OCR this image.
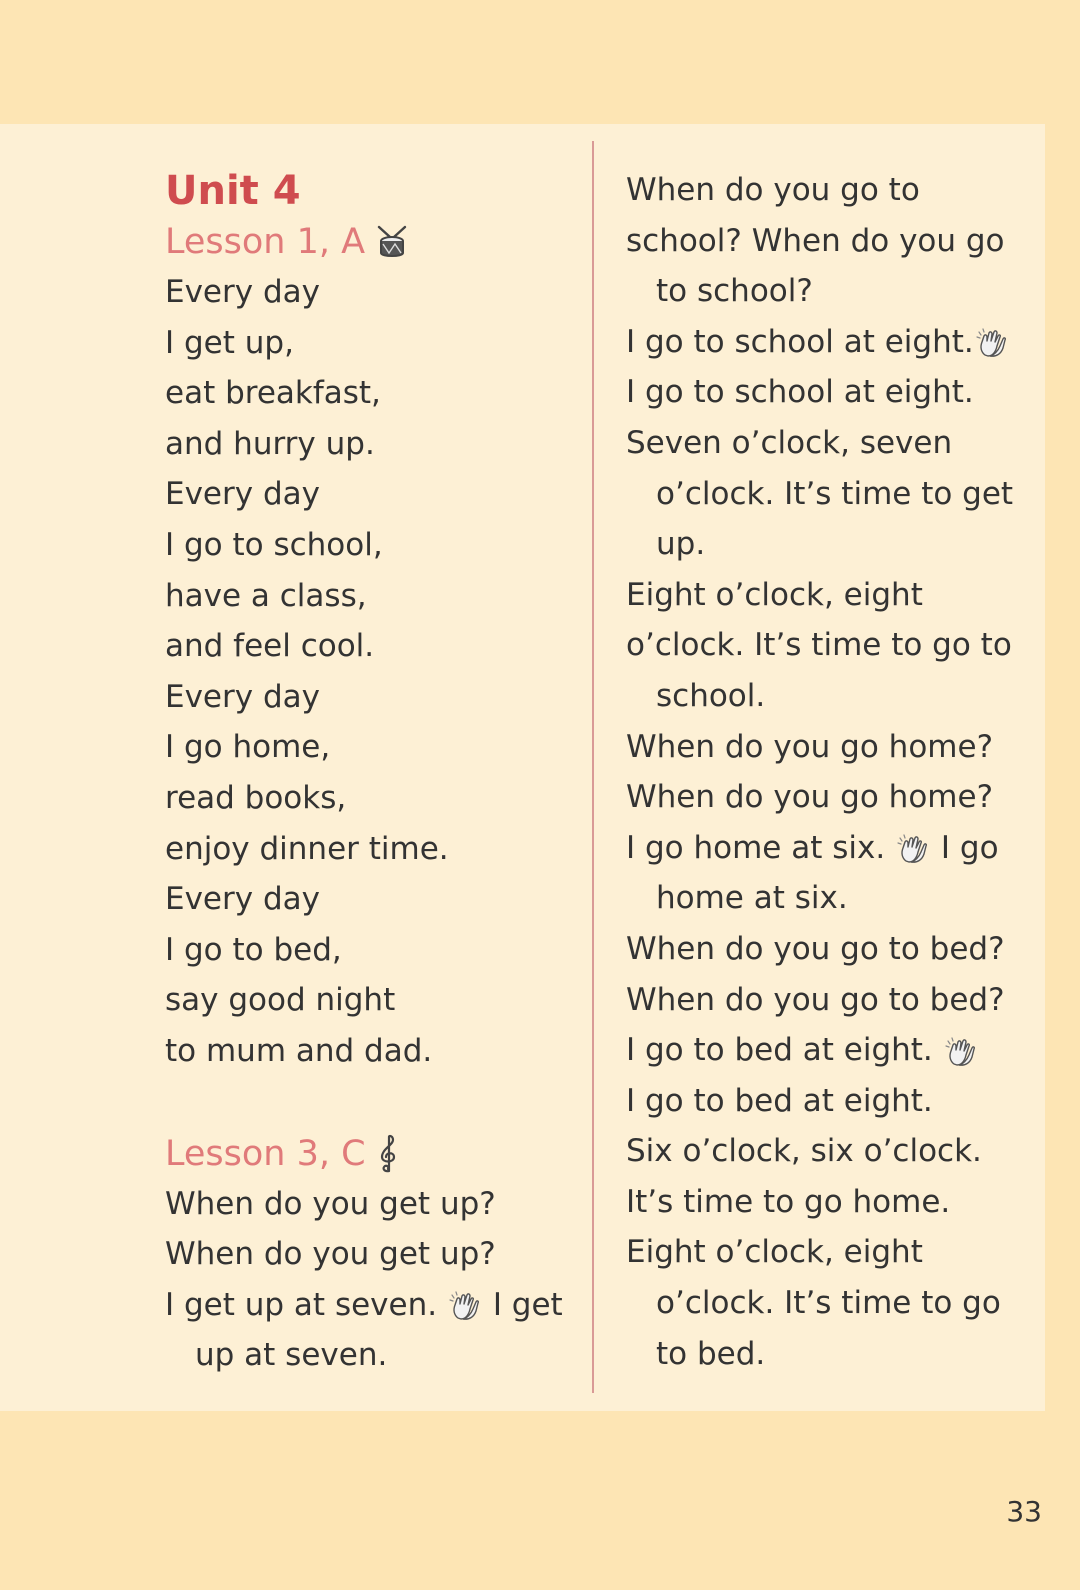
Unit 4
Lesson 1, A
Every day
I get up,
eat breakfast,
and hurry up.
Every day
I go to school,
have a class,
and feel cool.
Every day
I go home,
read books,
enjoy dinner time.
Every day
I go to bed,
say good night
to mum and dad.
Lesson 3, C
When do you get up?
When do you get up?
I get up at seven. I get
up at seven.
When do you go to
school? When do you go
to school?
I go to school at eight.
I go to school at eight.
Seven o’clock, seven
o’clock. It’s time to get
up.
Eight o’clock, eight
o’clock. It’s time to go to
school.
When do you go home?
When do you go home?
I go home at six. I go
home at six.
When do you go to bed?
When do you go to bed?
I go to bed at eight.
I go to bed at eight.
Six o’clock, six o’clock.
It’s time to go home.
Eight o’clock, eight
o’clock. It’s time to go
to bed.
33
